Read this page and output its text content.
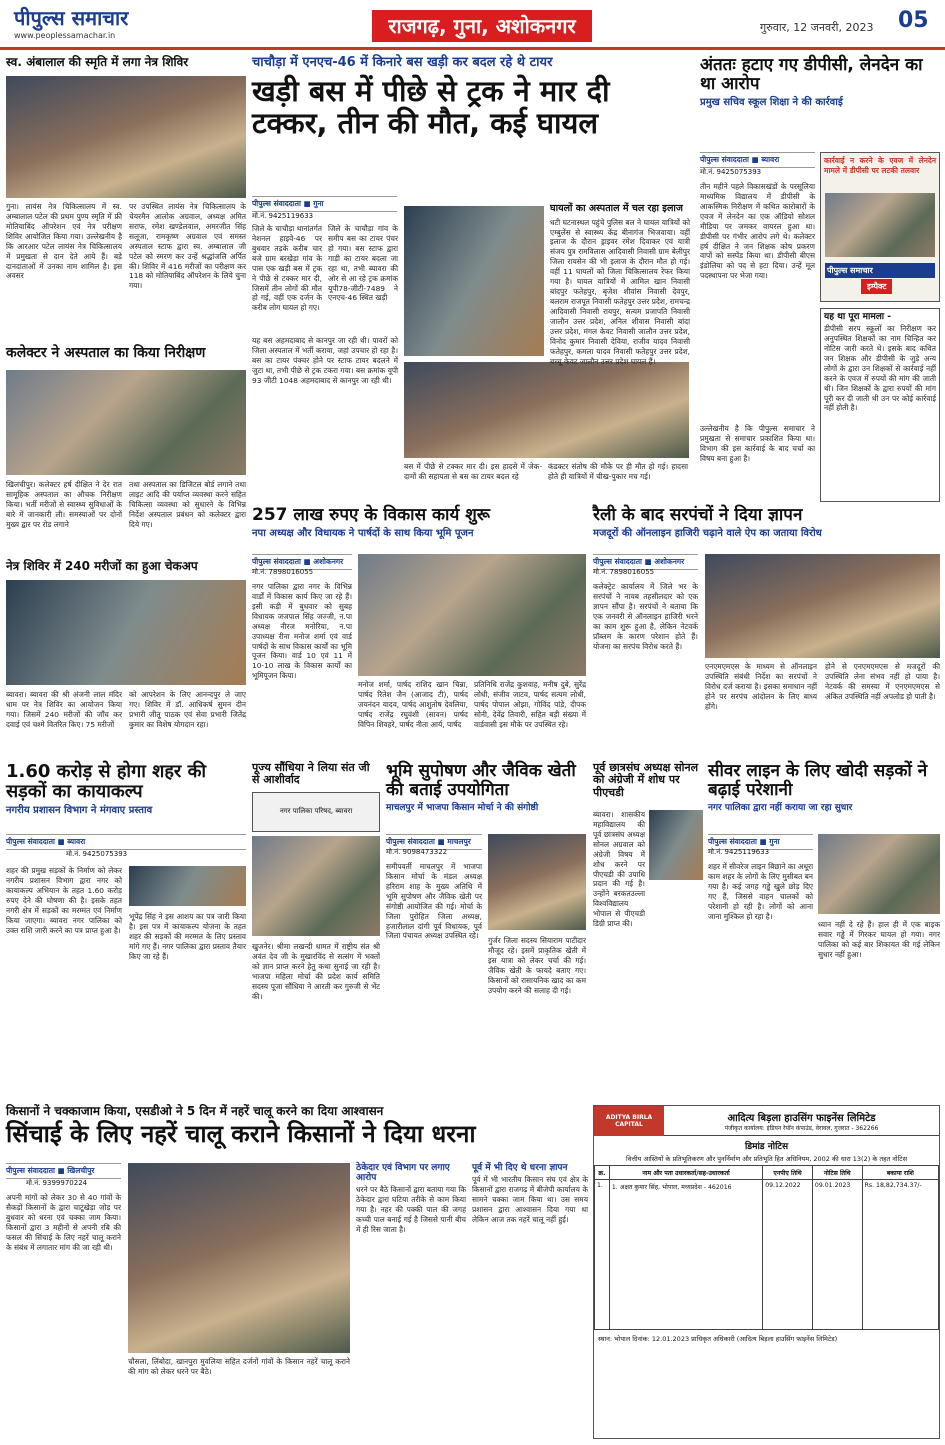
पीपुल्स समाचार
www.peoplessamachar.in	राजगढ़, गुना, अशोकनगर	गुरुवार, 12 जनवरी, 2023 05
स्व. अंबालाल की स्मृति में लगा नेत्र शिविर
गुना। लायंस नेत्र चिकित्सालय में स्व. अम्बालाल पटेल की प्रथम पुण्य स्मृति में फ्री मोतियाबिंद ऑपरेशन एवं नेत्र परीक्षण शिविर आयोजित किया गया। उल्लेखनीय है कि आरआर पटेल लायंस नेत्र चिकित्सालय में प्रमुखता से दान देते आये हैं। बड़े दानदाताओं में उनका नाम शामिल है। इस अवसर
पर उपस्थित लायंस नेत्र चिकित्सालय के चेयरमैन आलोक अग्रवाल, अध्यक्ष अमित सराफ, रमेश खण्डेलवाल, अमरजीत सिंह सलूजा, रामकृष्ण अग्रवाल एवं समस्त अस्पताल स्टाफ द्वारा स्व. अम्बालाल जी पटेल को स्मरण कर उन्हें श्रद्धांजलि अर्पित की। शिविर में 416 मरीजों का परीक्षण कर 118 को मोतियाबिंद ऑपरेशन के लिये चुना गया।
कलेक्टर ने अस्पताल का किया निरीक्षण
खिलचीपुर। कलेक्टर हर्ष दीक्षित ने देर रात सामूहिक अस्पताल का औचक निरीक्षण किया। भर्ती मरीजों से स्वास्थ्य सुविधाओं के बारे में जानकारी ली। समस्याओं पर दोनों मुख्य द्वार पर रोड लगाने
तथा अस्पताल का डिजिटल बोर्ड लगाने तथा लाइट आदि की पर्याप्त व्यवस्था करने सहित चिकित्सा व्यवस्था को सुधारने के विभिन्न निर्देश अस्पताल प्रबंधन को कलेक्टर द्वारा दिये गए।
नेत्र शिविर में 240 मरीजों का हुआ चेकअप
ब्यावरा। ब्यावरा की श्री अंजनी लाल मंदिर धाम पर नेत्र शिविर का आयोजन किया गया। जिसमें 240 मरीजों की जाँच कर दवाई एवं चश्मे वितरित किए। 75 मरीजों
को आपरेशन के लिए आनन्दपुर ले जाए गए। शिविर में डॉ. आधिकर्ष सुमन दीन प्रभारी जीतू पाठक एवं सेवा प्रभारी जितेंद्र कुमार का विशेष योगदान रहा।
चाचौड़ा में एनएच-46 में किनारे बस खड़ी कर बदल रहे थे टायर
खड़ी बस में पीछे से ट्रक ने मार दी टक्कर, तीन की मौत, कई घायल
पीपुल्स संवाददाता ■ गुना
मो.नं. 9425119633
जिले के चाचौड़ा थानांतर्गत नेशनल हाइवे-46 पर बुधवार तड़के करीब चार बजे ग्राम बरखेड़ा गांव के पास एक खड़ी बस में ट्रक ने पीछे से टक्कर मार दी, जिसमें तीन लोगों की मौत हो गई, वहीं एक दर्जन के करीब लोग घायल हो गए।
जिले के चाचौड़ा गांव के समीप बस का टायर पंचर हो गया। बस स्टाफ द्वारा गाड़ी का टायर बदला जा रहा था, तभी ब्यावरा की ओर से आ रहे ट्रक क्रमांक यूपी78-जीटी-7489 ने एनएच-46 स्थित खड़ी
यह बस अहमदाबाद से कानपुर जा रही थी। पावरों को जिला अस्पताल में भर्ती कराया, जहां उपचार हो रहा है। बस का टायर पंक्चर होने पर स्टाफ टायर बदलने में जुटा था, तभी पीछे से ट्रक टकरा गया। बस क्रमांक यूपी 93 जीटी 1048 अहमदाबाद से कानपुर जा रही थी।
बस में पीछे से टक्कर मार दी। इस हादसे में जेक-दामों की सहायता से बस का टायर बदल रहे
कंडक्टर संतोष की मौके पर ही मौत हो गई। हादसा होते ही यात्रियों में चीख-पुकार मच गई।
घायलों का अस्पताल में चल रहा इलाज
धटी घटनास्थल पहुंचे पुलिस बल ने घायल यात्रियों को एम्बुलेंस से स्वास्थ्य केंद्र बीनागंज भिजवाया। वहीं इलाज के दौरान ड्राइवर रमेश दिवाकर एवं यात्री संजय पुत्र रामविलास आदिवासी निवासी ग्राम बेलीपुर जिला रायसेन की भी इलाज के दौरान मौत हो गई। वहीं 11 घायलों को जिला चिकित्सालय रेफर किया गया है। घायल यात्रियों में आमिल खान निवासी बांदपुर फतेहपुर, बृजेश शीवांस निवासी देवपुर, बलराम राजपूत निवासी फतेहपुर उत्तर प्रदेश, रामचन्द्र आदिवासी निवासी रायपुर, सत्यम प्रजापति निवासी जालौन उत्तर प्रदेश, अनिल शीवास निवासी बांदा उत्तर प्रदेश, मंगल केवट निवासी जालौन उत्तर प्रदेश, विनोद कुमार निवासी देविया, राजीव यादव निवासी फतेहपुर, कमला यादव निवासी फतेहपुर उत्तर प्रदेश, बच्चू केवट जालौन उत्तर प्रदेश घायल हैं।
अंततः हटाए गए डीपीसी, लेनदेन का था आरोप
प्रमुख सचिव स्कूल शिक्षा ने की कार्रवाई
पीपुल्स संवाददाता ■ ब्यावरा
मो.नं. 9425075393
तीन महीने पहले विकासखंडों के परसूलिया माध्यमिक विद्यालय में डीपीसी के आकस्मिक निरीक्षण में कथित कारोबारों के एवज में लेनदेन का एक ऑडियो सोशल मीडिया पर जमकर वायरल हुआ था। डीपीसी पर गंभीर आरोप लगे थे। कलेक्टर हर्ष दीक्षित ने जन शिक्षक कोष प्रकरण वापों को सस्पेंड किया था। डीपीसी बीएस इंडोलिया को पद से हटा दिया। उन्हें मूल पदस्थापना पर भेजा गया।
उल्लेखनीय है कि पीपुल्स समाचार ने प्रमुखता से समाचार प्रकाशित किया था। विभाग की इस कार्रवाई के बाद चर्चा का विषय बना हुआ है।
कार्रवाई न करने के एवज में लेनदेन मामले में डीपीसी पर लटकी तलवार
पीपुल्स समाचार
इम्पैक्ट
यह था पूरा मामला -
डीपीसी सरप स्कूलों का निरीक्षण कर अनुपस्थित शिक्षकों का नाम चिन्हित कर नोटिस जारी करते थे। इसके बाद कथित जन शिक्षक और डीपीसी के जुड़े अन्य लोगों के द्वारा उन शिक्षकों से कार्रवाई नहीं करने के एवज में रुपयों की मांग की जाती थी। जिन शिक्षकों के द्वारा रुपयों की मांग पूरी कर दी जाती थी उन पर कोई कार्रवाई नहीं होती है।
257 लाख रुपए के विकास कार्य शुरू
नपा अध्यक्ष और विधायक ने पार्षदों के साथ किया भूमि पूजन
पीपुल्स संवाददाता ■ अशोकनगर
मो.नं. 7898016055
नगर पालिका द्वारा नगर के विभिन्न वार्डों में विकास कार्य किए जा रहे हैं। इसी कड़ी में बुधवार को सुबह विधायक जजपाल सिंह जज्जी, न.पा अध्यक्ष नीरज मनोरिया, न.पा उपाध्यक्ष रीना मनोज शर्मा एवं वार्ड पार्षदों के साथ विकास कार्यों का भूमि पूजन किया। वार्ड 10 एवं 11 में 10-10 लाख के विकास कार्यों का भूमिपूजन किया।
मनोज शर्मा, पार्षद राशिद खान चिन्ना, पार्षद रितेश जैन (आजाद टी), पार्षद जयनंदन यादव, पार्षद आशुतोष देवलिया, पार्षद राजेंद्र रघुवंशी (सावन) पार्षद विपिन शिवहरे, पार्षद नीता आर्य, पार्षद
प्रतिनिधि राजेंद्र कुशवाह, मनीष दुबे, सुरेंद्र लोधी, संजीव जाटव, पार्षद सत्यम लोधी, पार्षद पोपाल ओझा, गोविंद पांडे, दीपक सोनी, देवेंद्र तिवारी, सहित बड़ी संख्या में वार्डवासी इस मौके पर उपस्थित रहे।
रैली के बाद सरपंचों ने दिया ज्ञापन
मजदूरों की ऑनलाइन हाजिरी चढ़ाने वाले ऐप का जताया विरोध
पीपुल्स संवाददाता ■ अशोकनगर
मो.नं. 7898016055
कलेक्ट्रेट कार्यालय में जिले भर के सरपंचों ने नायब तहसीलदार को एक ज्ञापन सौंपा है। सरपंचों ने बताया कि एक जनवरी से ऑनलाइन हाजिरी भरने का काम शुरू हुआ है, लेकिन नेटवर्क प्रॉब्लम के कारण परेशान होते हैं। योजना का सरपंच विरोध करते हैं।
एनएमएमएस के माध्यम से ऑनलाइन उपस्थिति संबंधी निर्देश का सरपंचों ने विरोध दर्ज कराया है। इसका समाधान नहीं होने पर सरपंच आंदोलन के लिए बाध्य होंगे।
होने से एनएमएमएस से मजदूरों की उपस्थिति लेना संभव नहीं हो पाया है। नेटवर्क की समस्या में एनएमएमएस से अंकित उपस्थिति नहीं अपलोड हो पाती है।
1.60 करोड़ से होगा शहर की सड़कों का कायाकल्प
नगरीय प्रशासन विभाग ने मंगवाए प्रस्ताव
पीपुल्स संवाददाता ■ ब्यावरा
मो.नं. 9425075393
शहर की प्रमुख सड़कों के निर्माण को लेकर नगरीय प्रशासन विभाग द्वारा नगर को कायाकल्प अभियान के तहत 1.60 करोड़ रुपए देने की घोषणा की है। इसके तहत नगरी क्षेत्र में सड़कों का मरम्मत एवं निर्माण किया जाएगा। ब्यावरा नगर पालिका को उक्त राशि जारी करने का पत्र प्राप्त हुआ है।
भूपेंद्र सिंह ने इस आशय का पत्र जारी किया है। इस पत्र में कायाकल्प योजना के तहत शहर की सड़कों की मरम्मत के लिए प्रस्ताव मांगे गए हैं। नगर पालिका द्वारा प्रस्ताव तैयार किए जा रहे हैं।
पूज्य सौंधिया ने लिया संत जी से आशीर्वाद
नगर पालिका परिषद, ब्यावरा
खुजनेर। श्रीमा लखन्दी धामत में राष्ट्रीय संत श्री अवंत देव जी के मुखारविंद से सत्संग में भक्तों को ज्ञान प्राप्त करने हेतु कथा सुनाई जा रही है। भाजपा महिला मोर्चा की प्रदेश कार्य समिति सदस्य पूजा सौंधिया ने आरती कर गुरुजी से भेंट की।
भूमि सुपोषण और जैविक खेती की बताई उपयोगिता
माचलपुर में भाजपा किसान मोर्चा ने की संगोष्ठी
पीपुल्स संवाददाता ■ माचलपुर
मो.नं. 9098473322
समीपवर्ती माचलपुर में भाजपा किसान मोर्चा के मंडल अध्यक्ष हरिराम शाह के मुख्य अतिथि में भूमि सुपोषण और जैविक खेती पर संगोष्ठी आयोजित की गई। मोर्चा के जिला पुरोहित जिला अध्यक्ष, हजारीलाल दांगी पूर्व विधायक, पूर्व जिला पंचायत अध्यक्ष उपस्थित रहे।
गुर्जर जिला सदस्य सियाराम पाटीदार मौजूद रहे। इसमें प्राकृतिक खेती में इस यात्रा को लेकर चर्चा की गई। जैविक खेती के फायदे बताए गए। किसानों को रासायनिक खाद का कम उपयोग करने की सलाह दी गई।
पूर्व छात्रसंघ अध्यक्ष सोनल को अंग्रेजी में शोध पर पीएचडी
ब्यावरा। शासकीय महाविद्यालय की पूर्व छात्रसंघ अध्यक्ष सोनल अग्रवाल को अंग्रेजी विषय में शोध करने पर पीएचडी की उपाधि प्रदान की गई है। उन्होंने बरकतउल्ला विश्वविद्यालय भोपाल से पीएचडी डिग्री प्राप्त की।
सीवर लाइन के लिए खोदी सड़कों ने बढ़ाई परेशानी
नगर पालिका द्वारा नहीं कराया जा रहा सुधार
पीपुल्स संवाददाता ■ गुना
मो.नं. 9425119633
शहर में सीवरेज लाइन बिछाने का अधूरा काम शहर के लोगों के लिए मुसीबत बन गया है। कई जगह गड्ढे खुले छोड़ दिए गए हैं, जिससे वाहन चालकों को परेशानी हो रही है। लोगों को आना जाना मुश्किल हो रहा है।
ध्यान नहीं दे रहे हैं। हाल ही में एक बाइक सवार गड्ढे में गिरकर घायल हो गया। नगर पालिका को कई बार शिकायत की गई लेकिन सुधार नहीं हुआ।
ADITYA BIRLA CAPITAL
आदित्य बिड़ला हाउसिंग फाइनेंस लिमिटेड
पंजीकृत कार्यालय: इंडियन रेयॉन कंपाउंड, वेरावल, गुजरात - 362266
डिमांड नोटिस
वित्तीय आस्तियों के प्रतिभूतिकरण और पुनर्निर्माण और प्रतिभूति हित अधिनियम, 2002 की धारा 13(2) के तहत नोटिस
क्र.	नाम और पता उधारकर्ता/सह-उधारकर्ता	एनपीए तिथि	नोटिस तिथि	बकाया राशि
1.	1. अक्षत कुमार सिंह, भोपाल, मध्यप्रदेश - 462016	09.12.2022	09.01.2023	Rs. 18,82,734.37/-
स्थान: भोपाल दिनांक: 12.01.2023 प्राधिकृत अधिकारी (आदित्य बिड़ला हाउसिंग फाइनेंस लिमिटेड)
किसानों ने चक्काजाम किया, एसडीओ ने 5 दिन में नहरें चालू करने का दिया आश्वासन
सिंचाई के लिए नहरें चालू कराने किसानों ने दिया धरना
पीपुल्स संवाददाता ■ खिलचीपुर
मो.नं. 9399970224
अपनी मांगों को लेकर 30 से 40 गांवों के सैकड़ों किसानों के द्वारा चाटूखेड़ा जोड़ पर बुधवार को धरना एवं चक्का जाम किया। किसानों द्वारा 3 महीनों से अपनी रबि की फसल की सिंचाई के लिए नहरें चालू कराने के संबंध में लगातार मांग की जा रही थी।
चौसला, लिंबोदा, खानपुरा मुवलिया सहित दर्जनों गांवों के किसान नहरें चालू कराने की मांग को लेकर धरने पर बैठे।
ठेकेदार एवं विभाग पर लगाए आरोप
धरने पर बैठे किसानों द्वारा बताया गया कि ठेकेदार द्वारा घटिया तरीके से काम किया गया है। नहर की पक्की पाल की जगह कच्ची पाल बनाई गई है जिससे पानी बीच में ही रिस जाता है।
पूर्व में भी दिए थे धरना ज्ञापन
पूर्व में भी भारतीय किसान संघ एवं क्षेत्र के किसानों द्वारा राजगढ़ में बीजेपी कार्यालय के सामने चक्का जाम किया था। उस समय प्रशासन द्वारा आश्वासन दिया गया था लेकिन आज तक नहरें चालू नहीं हुई।
